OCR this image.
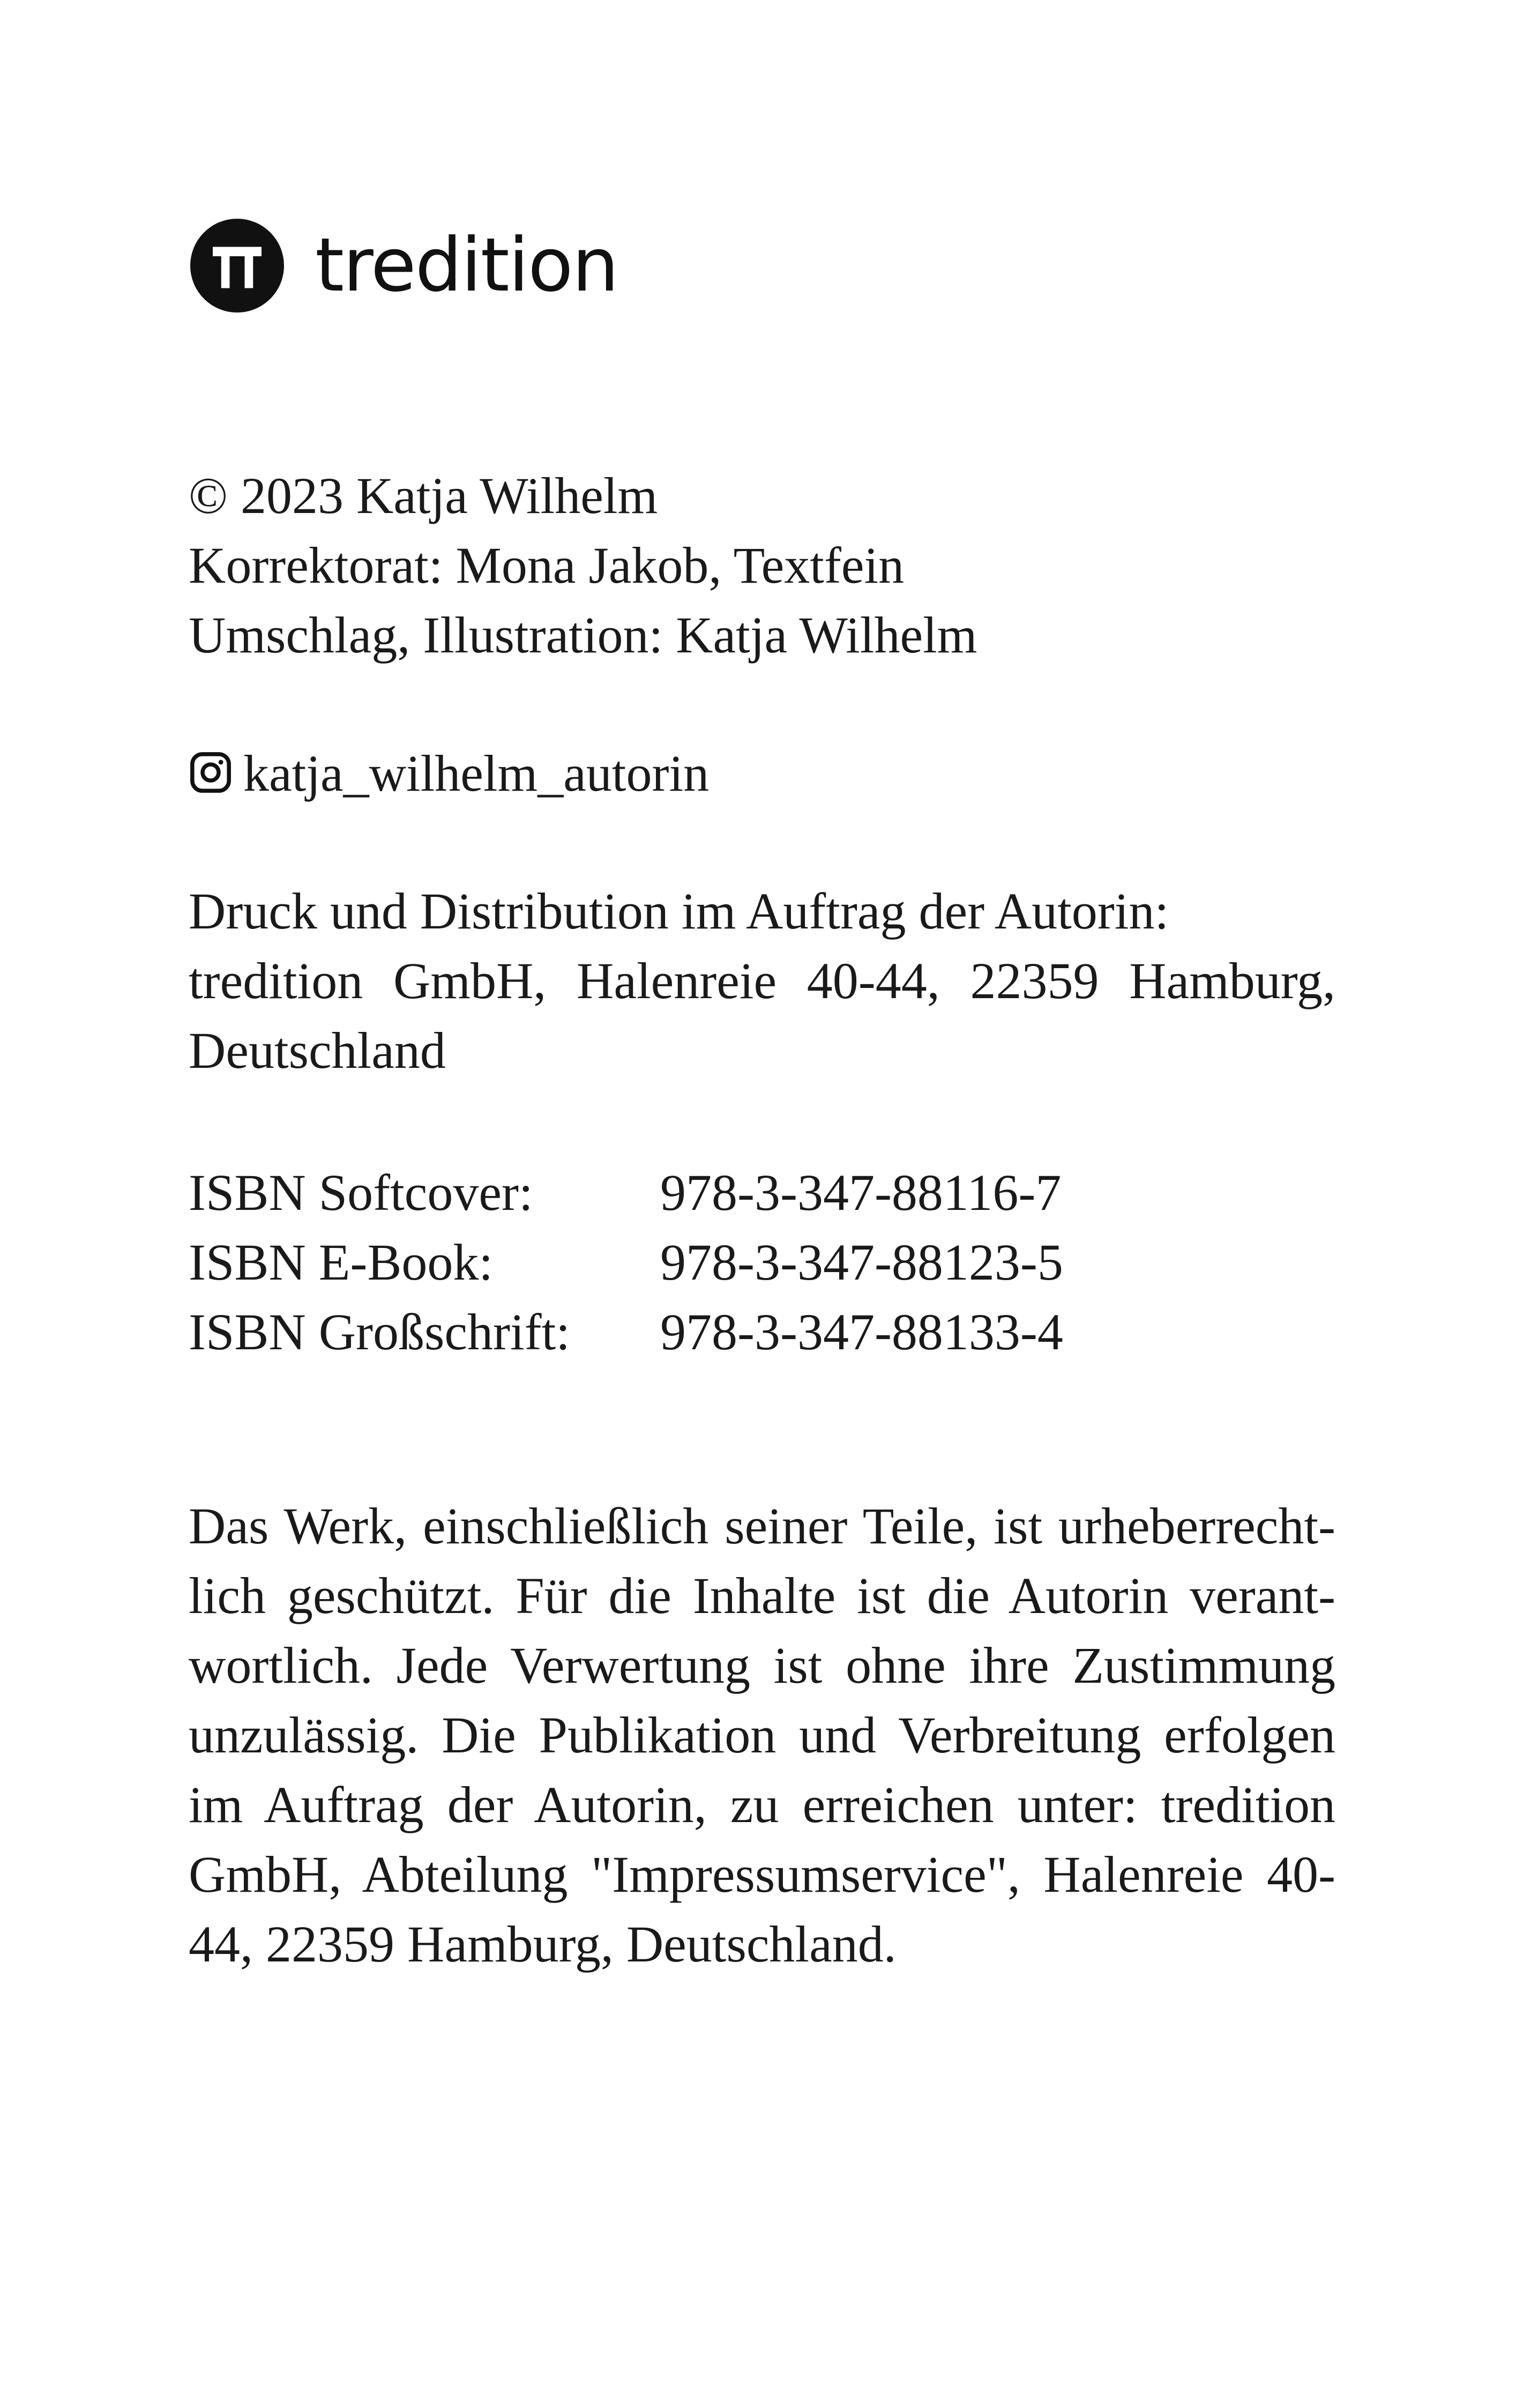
tredition
© 2023 Katja Wilhelm
Korrektorat: Mona Jakob, Textfein
Umschlag, Illustration: Katja Wilhelm
katja_wilhelm_autorin
Druck und Distribution im Auftrag der Autorin:
tredition GmbH, Halenreie 40-44, 22359 Hamburg,
Deutschland
ISBN Softcover:	978-3-347-88116-7
ISBN E-Book:	978-3-347-88123-5
ISBN Großschrift:	978-3-347-88133-4
Das Werk, einschließlich seiner Teile, ist urheberrecht-
lich geschützt. Für die Inhalte ist die Autorin verant-
wortlich. Jede Verwertung ist ohne ihre Zustimmung
unzulässig. Die Publikation und Verbreitung erfolgen
im Auftrag der Autorin, zu erreichen unter: tredition
GmbH, Abteilung "Impressumservice", Halenreie 40-
44, 22359 Hamburg, Deutschland.
